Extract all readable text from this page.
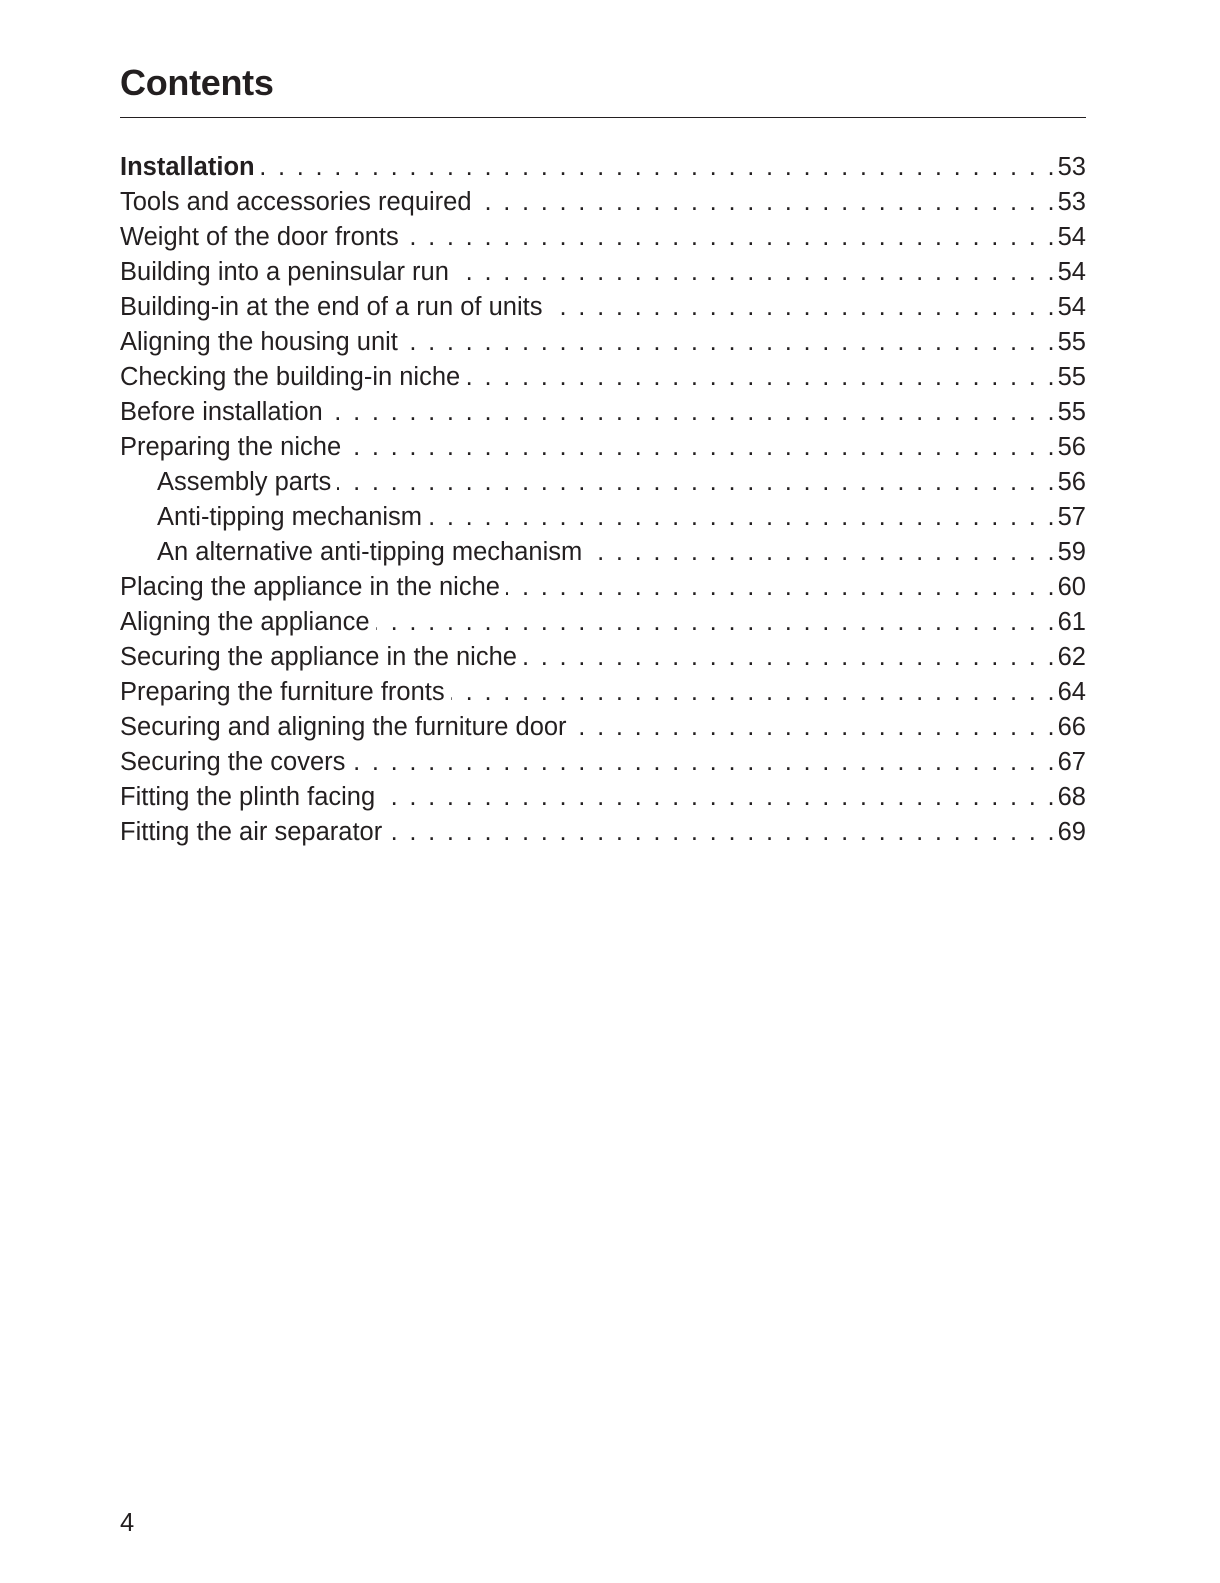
Contents
Installation . . .	53
Tools and accessories required . . .	53
Weight of the door fronts . . .	54
Building into a peninsular run . . .	54
Building-in at the end of a run of units . . .	54
Aligning the housing unit . . .	55
Checking the building-in niche . . .	55
Before installation . . .	55
Preparing the niche . . .	56
Assembly parts . . .	56
Anti-tipping mechanism . . .	57
An alternative anti-tipping mechanism . . .	59
Placing the appliance in the niche . . .	60
Aligning the appliance . . .	61
Securing the appliance in the niche . . .	62
Preparing the furniture fronts . . .	64
Securing and aligning the furniture door . . .	66
Securing the covers . . .	67
Fitting the plinth facing . . .	68
Fitting the air separator . . .	69
4
